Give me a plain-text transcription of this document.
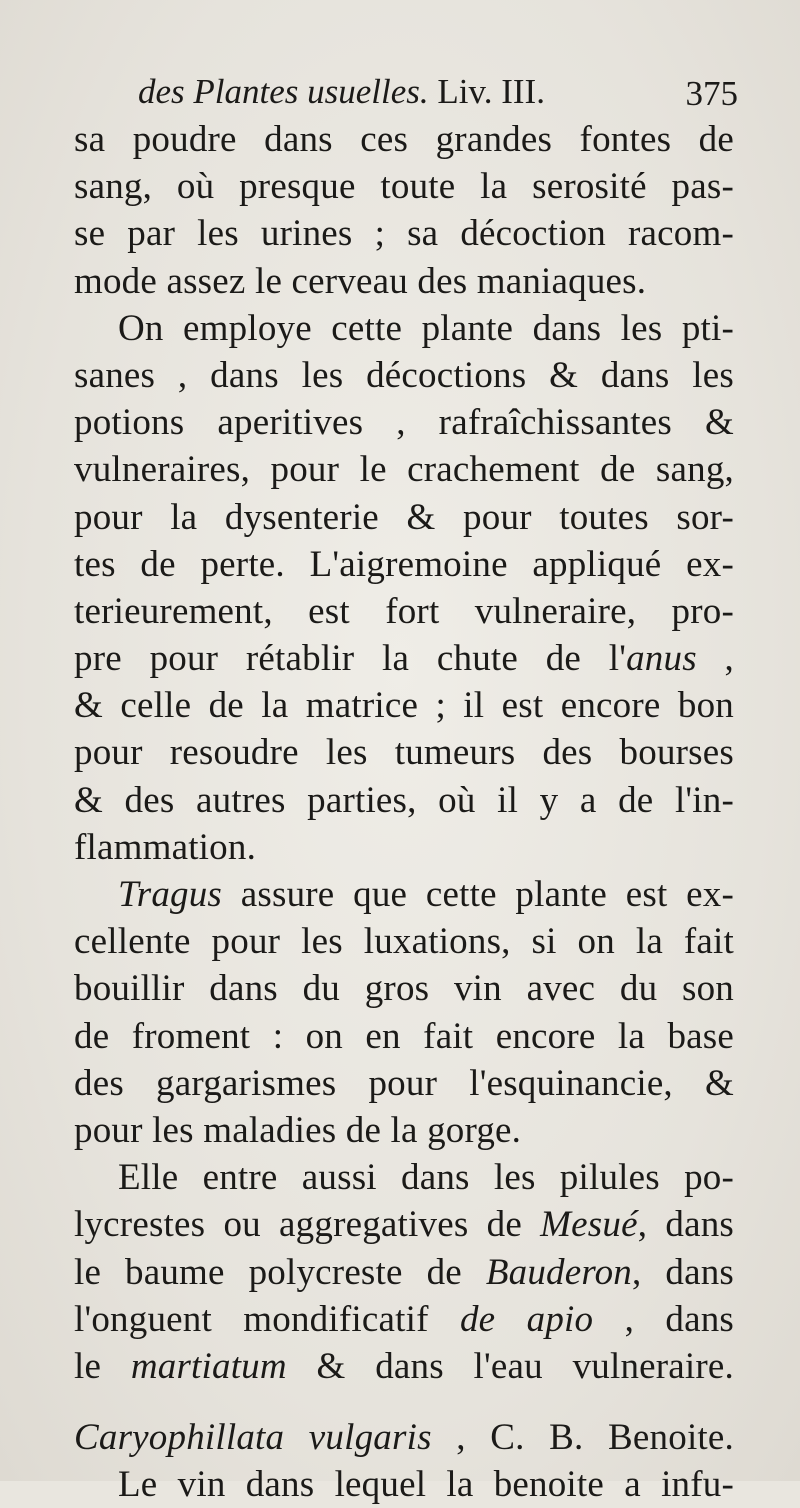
des Plantes usuelles. Liv. III.	375
sa poudre dans ces grandes fontes de
sang, où presque toute la serosité pas-
se par les urines ; sa décoction racom-
mode assez le cerveau des maniaques.
On employe cette plante dans les pti-
sanes , dans les décoctions & dans les
potions aperitives , rafraîchissantes &
vulneraires, pour le crachement de sang,
pour la dysenterie & pour toutes sor-
tes de perte. L'aigremoine appliqué ex-
terieurement, est fort vulneraire, pro-
pre pour rétablir la chute de l'anus ,
& celle de la matrice ; il est encore bon
pour resoudre les tumeurs des bourses
& des autres parties, où il y a de l'in-
flammation.
Tragus assure que cette plante est ex-
cellente pour les luxations, si on la fait
bouillir dans du gros vin avec du son
de froment : on en fait encore la base
des gargarismes pour l'esquinancie, &
pour les maladies de la gorge.
Elle entre aussi dans les pilules po-
lycrestes ou aggregatives de Mesué, dans
le baume polycreste de Bauderon, dans
l'onguent mondificatif de apio , dans
le martiatum & dans l'eau vulneraire.
Caryophillata vulgaris , C. B. Benoite.
Le vin dans lequel la benoite a infu-
